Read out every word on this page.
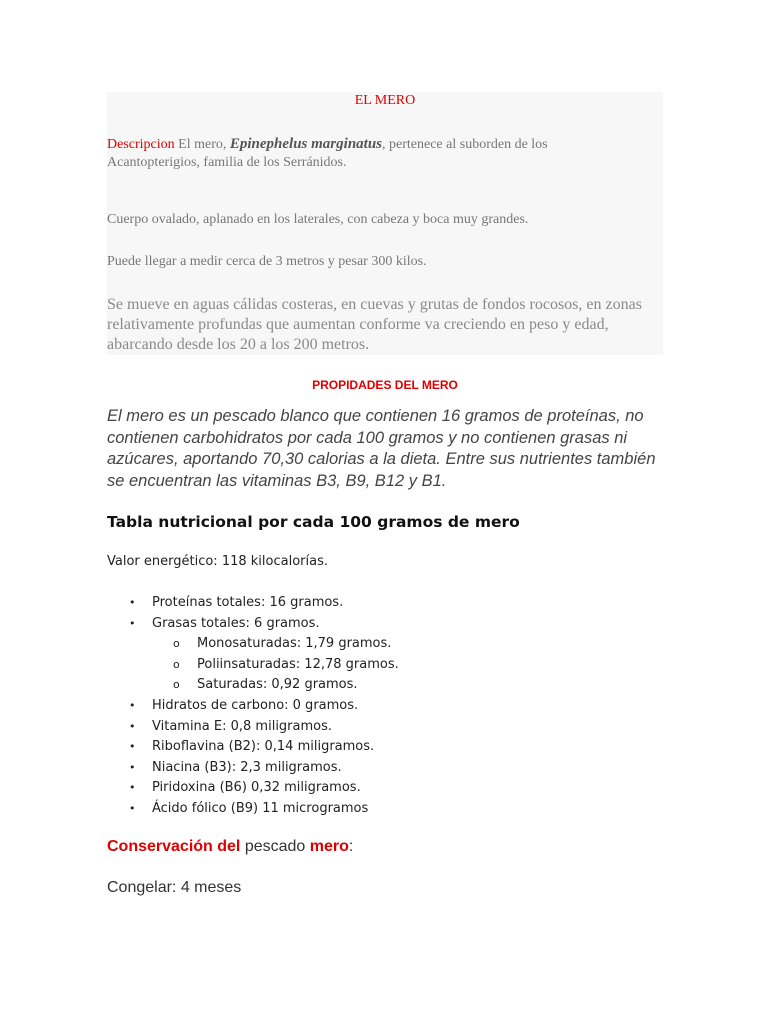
EL MERO
Descripcion El mero, Epinephelus marginatus, pertenece al suborden de los Acantopterigios, familia de los Serránidos.
Cuerpo ovalado, aplanado en los laterales, con cabeza y boca muy grandes.
Puede llegar a medir cerca de 3 metros y pesar 300 kilos.
Se mueve en aguas cálidas costeras, en cuevas y grutas de fondos rocosos, en zonas relativamente profundas que aumentan conforme va creciendo en peso y edad, abarcando desde los 20 a los 200 metros.
PROPIDADES DEL MERO
El mero es un pescado blanco que contienen 16 gramos de proteínas, no contienen carbohidratos por cada 100 gramos y no contienen grasas ni azúcares, aportando 70,30 calorias a la dieta. Entre sus nutrientes también se encuentran las vitaminas B3, B9, B12 y B1.
Tabla nutricional por cada 100 gramos de mero
Valor energético: 118 kilocalorías.
• Proteínas totales: 16 gramos.
• Grasas totales: 6 gramos.
o Monosaturadas: 1,79 gramos.
o Poliinsaturadas: 12,78 gramos.
o Saturadas: 0,92 gramos.
• Hidratos de carbono: 0 gramos.
• Vitamina E: 0,8 miligramos.
• Riboflavina (B2): 0,14 miligramos.
• Niacina (B3): 2,3 miligramos.
• Piridoxina (B6) 0,32 miligramos.
• Ácido fólico (B9) 11 microgramos
Conservación del pescado mero:
Congelar: 4 meses
